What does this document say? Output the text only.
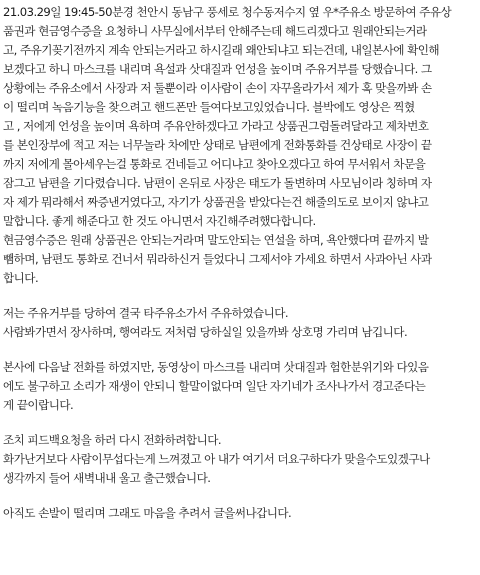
21.03.29일 19:45-50분경 천안시 동남구 풍세로 청수동저수지 옆 우*주유소 방문하여 주유상
품권과 현금영수증을 요청하니 사무실에서부터 안해주는데 해드리겠다고 원래안되는거라
고, 주유기꽂기전까지 계속 안되는거라고 하시길래 왜안되냐고 되는건데, 내일본사에 확인해
보겠다고 하니 마스크를 내리며 욕설과 삿대질과 언성을 높이며 주유거부를 당했습니다. 그
상황에는 주유소에서 사장과 저 둘뿐이라 이사람이 손이 자꾸올라가서 제가 혹 맞을까봐 손
이 떨리며 녹음기능을 찾으려고 핸드폰만 들여다보고있었습니다. 블박에도 영상은 찍혔
고 , 저에게 언성을 높이며 욕하며 주유안하겠다고 가라고 상품권그럼돌려달라고 제차번호
를 본인장부에 적고 저는 너무놀라 차에만 상태로 남편에게 전화통화를 건상태로 사장이 끝
까지 저에게 몰아세우는걸 통화로 건네듣고 어디냐고 찾아오겠다고 하여 무서워서 차문을
잠그고 남편을 기다렸습니다. 남편이 온뒤로 사장은 태도가 돌변하며 사모님이라 칭하며 자
자 제가 뭐라해서 짜증낸거였다고, 자기가 상품권을 받았다는건 해줄의도로 보이지 않냐고
말합니다. 좋게 해준다고 한 것도 아니면서 자긴해주려했다합니다.
현금영수증은 원래 상품권은 안되는거라며 말도안되는 연설을 하며, 욕안했다며 끝까지 발
뺌하며, 남편도 통화로 건너서 뭐라하신거 들었다니 그제서야 가세요 하면서 사과아닌 사과
합니다.

저는 주유거부를 당하여 결국 타주유소가서 주유하였습니다.
사람봐가면서 장사하며, 행여라도 저처럼 당하실일 있을까봐 상호명 가리며 남깁니다.

본사에 다음날 전화를 하였지만, 동영상이 마스크를 내리며 삿대질과 험한분위기와 다있음
에도 불구하고 소리가 재생이 안되니 할말이없다며 일단 자기네가 조사나가서 경고준다는
게 끝이랍니다.

조치 피드백요청을 하러 다시 전화하려합니다.
화가난거보다 사람이무섭다는게 느껴졌고 아 내가 여기서 더요구하다가 맞을수도있겠구나
생각까지 들어 새벽내내 울고 출근했습니다.

아직도 손발이 떨리며 그래도 마음을 추려서 글을써나갑니다.
